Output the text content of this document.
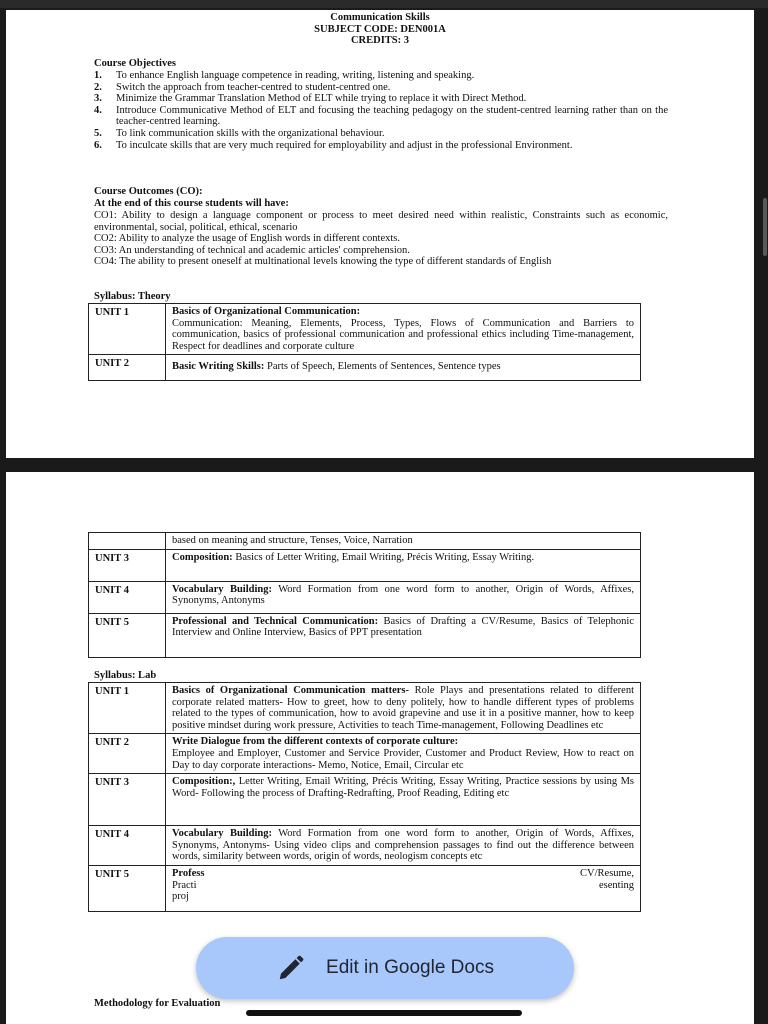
Communication Skills
SUBJECT CODE: DEN001A
CREDITS: 3
Course Objectives
1. To enhance English language competence in reading, writing, listening and speaking.
2. Switch the approach from teacher-centred to student-centred one.
3. Minimize the Grammar Translation Method of ELT while trying to replace it with Direct Method.
4. Introduce Communicative Method of ELT and focusing the teaching pedagogy on the student-centred learning rather than on the teacher-centred learning.
5. To link communication skills with the organizational behaviour.
6. To inculcate skills that are very much required for employability and adjust in the professional Environment.
Course Outcomes (CO):
At the end of this course students will have:
CO1: Ability to design a language component or process to meet desired need within realistic, Constraints such as economic, environmental, social, political, ethical, scenario
CO2: Ability to analyze the usage of English words in different contexts.
CO3: An understanding of technical and academic articles' comprehension.
CO4: The ability to present oneself at multinational levels knowing the type of different standards of English
Syllabus: Theory
UNIT 1	Basics of Organizational Communication:
Communication: Meaning, Elements, Process, Types, Flows of Communication and Barriers to communication, basics of professional communication and professional ethics including Time-management, Respect for deadlines and corporate culture
UNIT 2	Basic Writing Skills: Parts of Speech, Elements of Sentences, Sentence types
	based on meaning and structure, Tenses, Voice, Narration
UNIT 3	Composition: Basics of Letter Writing, Email Writing, Précis Writing, Essay Writing.
UNIT 4	Vocabulary Building: Word Formation from one word form to another, Origin of Words, Affixes, Synonyms, Antonyms
UNIT 5	Professional and Technical Communication: Basics of Drafting a CV/Resume, Basics of Telephonic Interview and Online Interview, Basics of PPT presentation
Syllabus: Lab
UNIT 1	Basics of Organizational Communication matters- Role Plays and presentations related to different corporate related matters- How to greet, how to deny politely, how to handle different types of problems related to the types of communication, how to avoid grapevine and use it in a positive manner, how to keep positive mindset during work pressure, Activities to teach Time-management, Following Deadlines etc
UNIT 2	Write Dialogue from the different contexts of corporate culture:
Employee and Employer, Customer and Service Provider, Customer and Product Review, How to react on Day to day corporate interactions- Memo, Notice, Email, Circular etc
UNIT 3	Composition:, Letter Writing, Email Writing, Précis Writing, Essay Writing, Practice sessions by using Ms Word- Following the process of Drafting-Redrafting, Proof Reading, Editing etc
UNIT 4	Vocabulary Building: Word Formation from one word form to another, Origin of Words, Affixes, Synonyms, Antonyms- Using video clips and comprehension passages to find out the difference between words, similarity between words, origin of words, neologism concepts etc
UNIT 5	Profess CV/Resume,
Practi esenting
proj
Methodology for Evaluation
Edit in Google Docs
